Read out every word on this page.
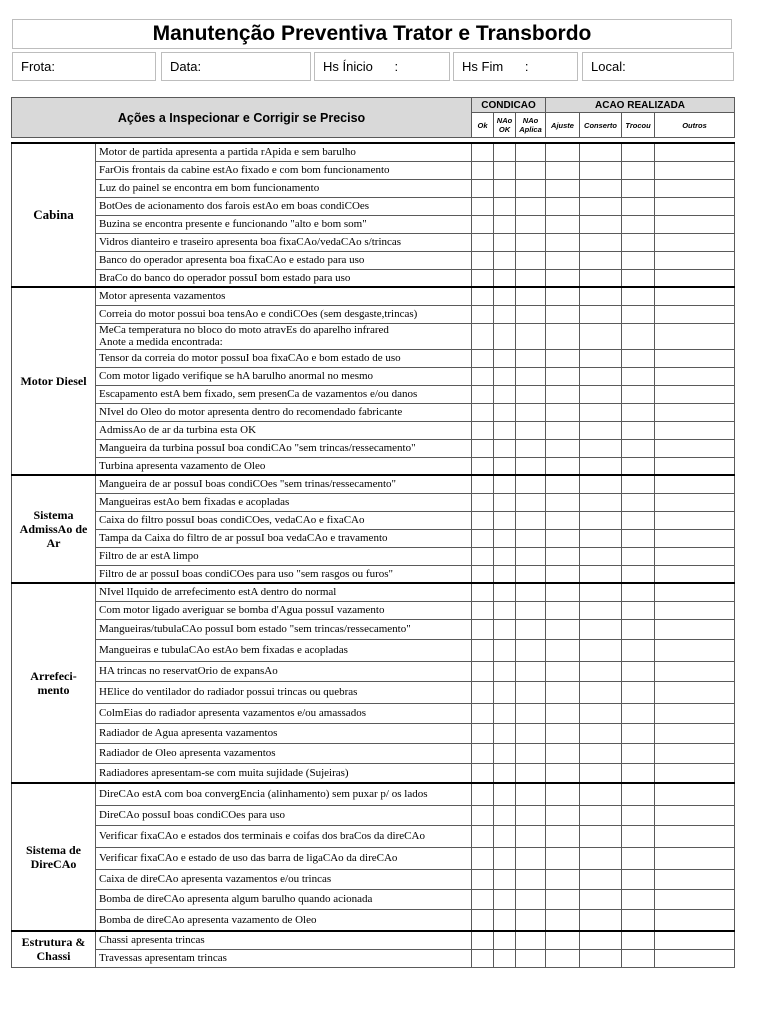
Manutenção Preventiva Trator e Transbordo
Frota:	Data:	Hs Ínicio      :	Hs Fim      :	Local:
Ações a Inspecionar e Corrigir se Preciso		CONDICAO			ACAO REALIZADA			
		Ok	NAo OK	NAo Aplica	Ajuste	Conserto	Trocou	Outros

Cabina	Motor de partida apresenta a partida rApida e sem barulho							

	FarOis frontais da cabine estAo fixado e com bom funcionamento							

	Luz do painel se encontra em bom funcionamento							

	BotOes de acionamento dos farois estAo em boas condiCOes							

	Buzina se encontra presente e funcionando "alto e bom som"							

	Vidros dianteiro e traseiro apresenta boa fixaCAo/vedaCAo s/trincas							

	Banco do operador apresenta boa fixaCAo e estado para uso							

	BraCo do banco do operador possuI bom estado para uso							

Motor Diesel	Motor apresenta vazamentos							

	Correia do motor possui boa tensAo e condiCOes (sem desgaste,trincas)							

	MeCa temperatura no bloco do moto atravEs do aparelho infrared
Anote a medida encontrada:							

	Tensor da correia do motor possuI boa fixaCAo e bom estado de uso							

	Com motor ligado verifique se hA barulho anormal no mesmo							

	Escapamento estA bem fixado, sem presenCa de vazamentos e/ou danos							

	NIvel do Oleo do motor apresenta dentro do recomendado fabricante							

	AdmissAo de ar da turbina esta OK							

	Mangueira da turbina possuI boa condiCAo "sem trincas/ressecamento"							

	Turbina apresenta vazamento de Oleo							

Sistema AdmissAo de Ar	Mangueira de ar possuI boas condiCOes "sem trinas/ressecamento"							

	Mangueiras estAo bem fixadas e acopladas							

	Caixa do filtro possuI boas condiCOes, vedaCAo e fixaCAo							

	Tampa da Caixa do filtro de ar possuI boa vedaCAo e travamento							

	Filtro de ar estA limpo							

	Filtro de ar possuI boas condiCOes para uso "sem rasgos ou furos"							

Arrefeci- mento	NIvel lIquido de arrefecimento estA dentro do normal							

	Com motor ligado averiguar se bomba d'Agua possuI vazamento							

	Mangueiras/tubulaCAo possuI bom estado "sem trincas/ressecamento"							

	Mangueiras e tubulaCAo estAo bem fixadas e acopladas							

	HA trincas no reservatOrio de expansAo							

	HElice do ventilador do radiador possui trincas ou quebras							

	ColmEias do radiador apresenta vazamentos e/ou amassados							

	Radiador de Agua apresenta vazamentos							

	Radiador de Oleo apresenta vazamentos							

	Radiadores apresentam-se com muita sujidade (Sujeiras)							

Sistema de DireCAo	DireCAo estA com boa convergEncia (alinhamento) sem puxar p/ os lados							

	DireCAo possuI boas condiCOes para uso							

	Verificar fixaCAo e estados dos terminais e coifas dos braCos da direCAo							

	Verificar fixaCAo e estado de uso das barra de ligaCAo da direCAo							

	Caixa de direCAo apresenta vazamentos e/ou trincas							

	Bomba de direCAo apresenta algum barulho quando acionada							

	Bomba de direCAo apresenta vazamento de Oleo							

Estrutura & Chassi	Chassi apresenta trincas							

	Travessas apresentam trincas							
